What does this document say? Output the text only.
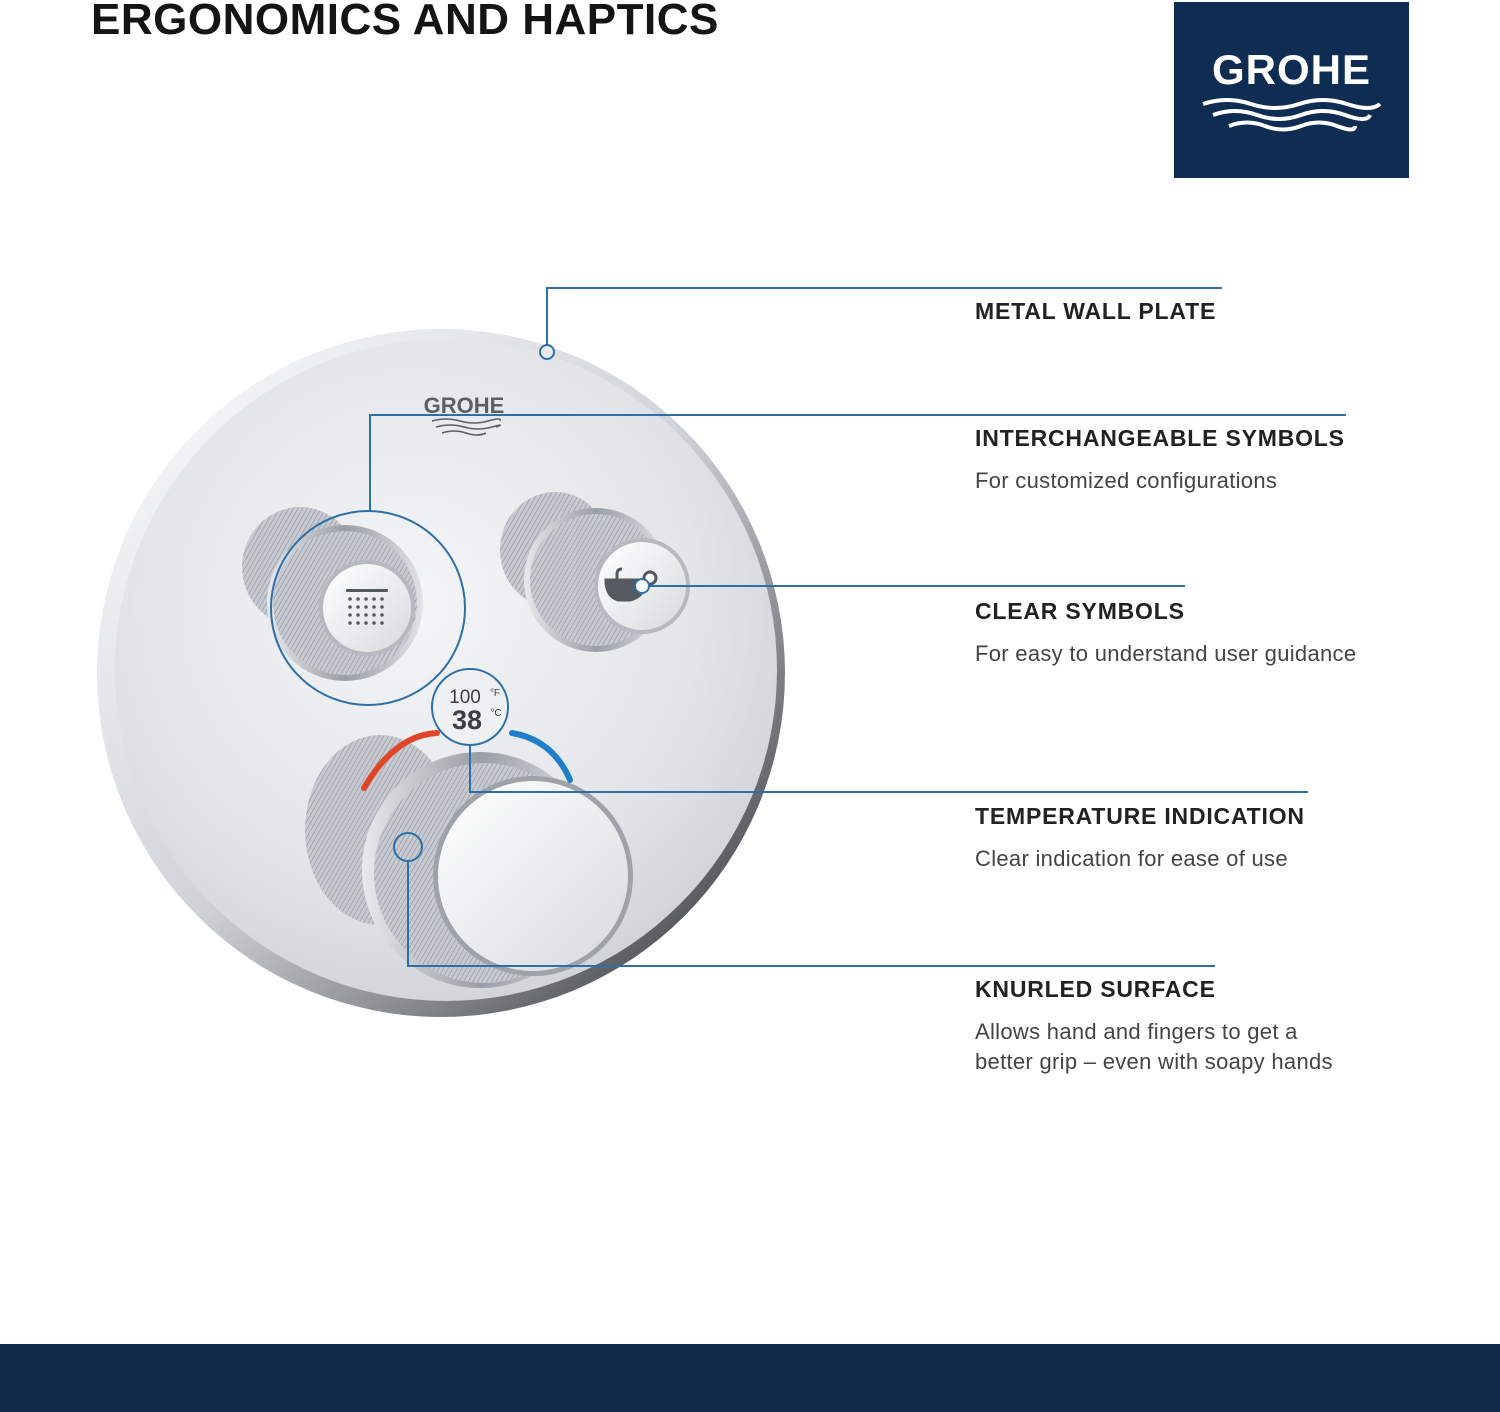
ERGONOMICS AND HAPTICS
GROHE
GROHE
100 °F
38 °C
METAL WALL PLATE
INTERCHANGEABLE SYMBOLS
For customized configurations
CLEAR SYMBOLS
For easy to understand user guidance
TEMPERATURE INDICATION
Clear indication for ease of use
KNURLED SURFACE
Allows hand and fingers to get a
better grip – even with soapy hands
